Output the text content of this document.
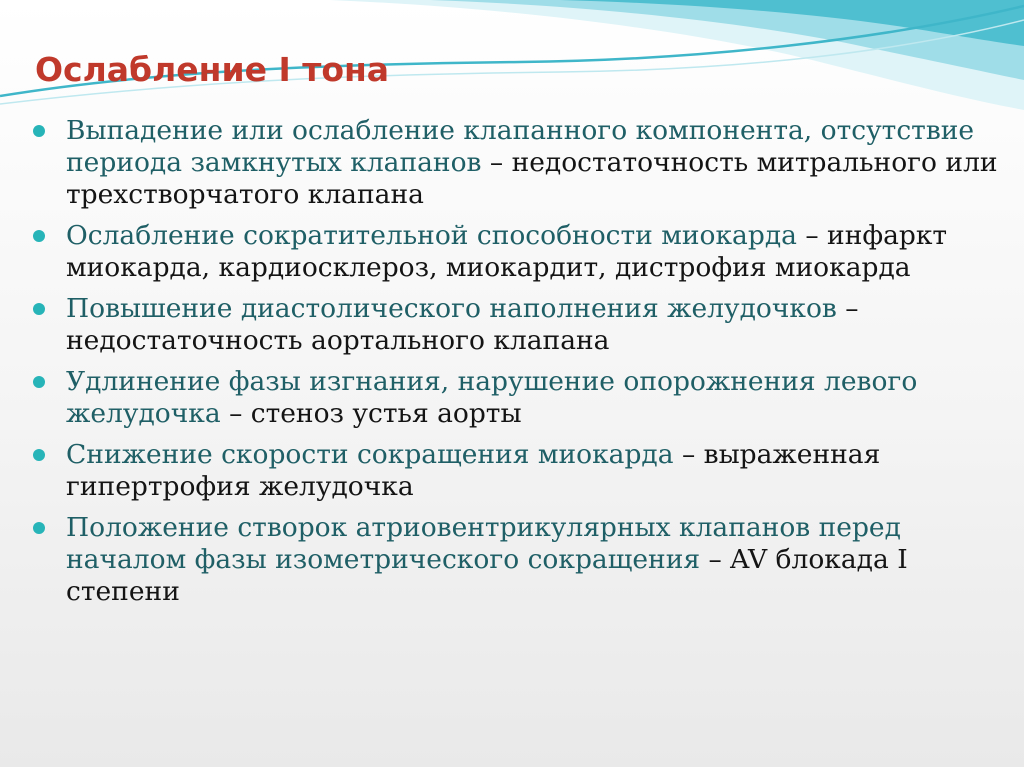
Ослабление I тона
Выпадение или ослабление клапанного компонента, отсутствие периода замкнутых клапанов – недостаточность митрального или трехстворчатого клапана
Ослабление сократительной способности миокарда – инфаркт миокарда, кардиосклероз, миокардит, дистрофия миокарда
Повышение диастолического наполнения желудочков – недостаточность аортального клапана
Удлинение фазы изгнания, нарушение опорожнения левого желудочка – стеноз устья аорты
Снижение скорости сокращения миокарда – выраженная гипертрофия желудочка
Положение створок атриовентрикулярных клапанов перед началом фазы изометрического сокращения – AV блокада I степени
